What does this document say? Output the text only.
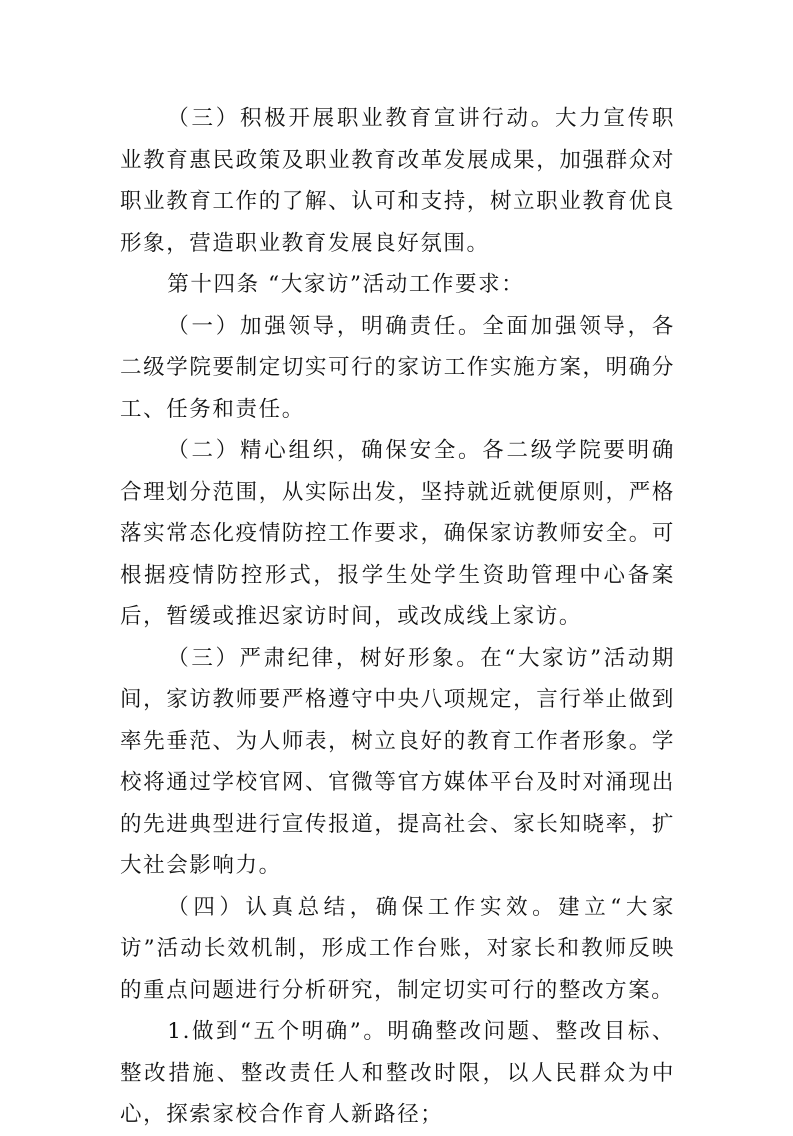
（三）积极开展职业教育宣讲行动。大力宣传职业教育惠民政策及职业教育改革发展成果，加强群众对职业教育工作的了解、认可和支持，树立职业教育优良形象，营造职业教育发展良好氛围。

第十四条 “大家访”活动工作要求：

（一）加强领导，明确责任。全面加强领导，各二级学院要制定切实可行的家访工作实施方案，明确分工、任务和责任。

（二）精心组织，确保安全。各二级学院要明确合理划分范围，从实际出发，坚持就近就便原则，严格落实常态化疫情防控工作要求，确保家访教师安全。可根据疫情防控形式，报学生处学生资助管理中心备案后，暂缓或推迟家访时间，或改成线上家访。

（三）严肃纪律，树好形象。在“大家访”活动期间，家访教师要严格遵守中央八项规定，言行举止做到率先垂范、为人师表，树立良好的教育工作者形象。学校将通过学校官网、官微等官方媒体平台及时对涌现出的先进典型进行宣传报道，提高社会、家长知晓率，扩大社会影响力。

（四）认真总结，确保工作实效。建立“大家访”活动长效机制，形成工作台账，对家长和教师反映的重点问题进行分析研究，制定切实可行的整改方案。

1.做到“五个明确”。明确整改问题、整改目标、整改措施、整改责任人和整改时限，以人民群众为中心，探索家校合作育人新路径；
